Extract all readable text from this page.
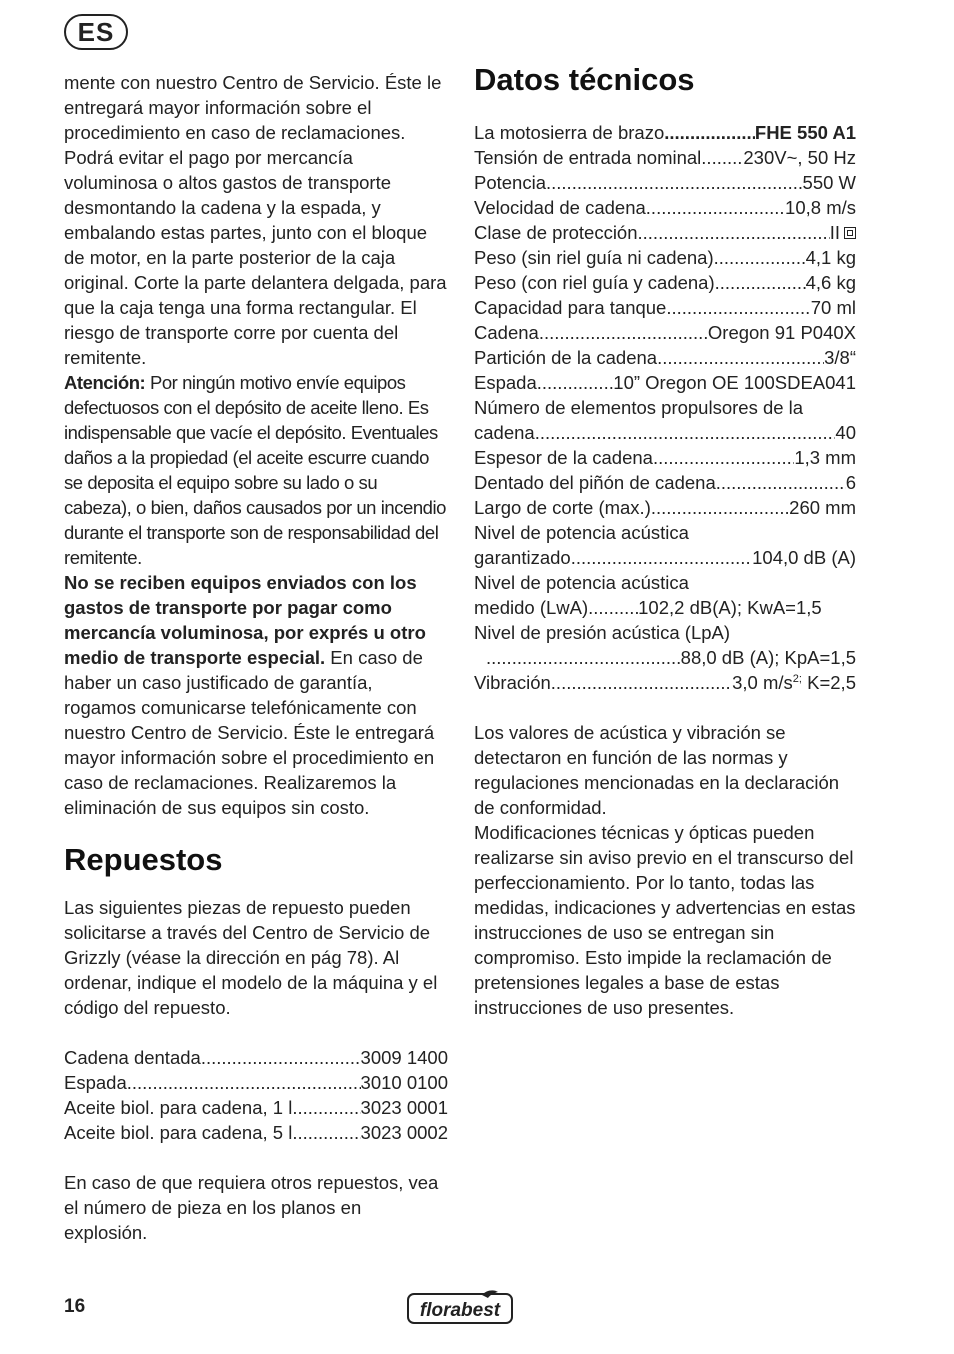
ES

mente con nuestro Centro de Servicio. Éste le entregará mayor información sobre el procedimiento en caso de reclamaciones. Podrá evitar el pago por mercancía voluminosa o altos gastos de transporte desmontando la cadena y la espada, y embalando estas partes, junto con el bloque de motor, en la parte posterior de la caja original. Corte la parte delantera delgada, para que la caja tenga una forma rectangular. El riesgo de transporte corre por cuenta del remitente.

Atención: Por ningún motivo envíe equipos defectuosos con el depósito de aceite lleno. Es indispensable que vacíe el depósito. Eventuales daños a la propiedad (el aceite escurre cuando se deposita el equipo sobre su lado o su cabeza), o bien, daños causados por un incendio durante el transporte son de responsabilidad del remitente.

No se reciben equipos enviados con los gastos de transporte por pagar como mercancía voluminosa, por exprés u otro medio de transporte especial. En caso de haber un caso justificado de garantía, rogamos comunicarse telefónicamente con nuestro Centro de Servicio. Éste le entregará mayor información sobre el procedimiento en caso de reclamaciones. Realizaremos la eliminación de sus equipos sin costo.

Repuestos

Las siguientes piezas de repuesto pueden solicitarse a través del Centro de Servicio de Grizzly (véase la dirección en pág 78). Al ordenar, indique el modelo de la máquina y el código del repuesto.

Cadena dentada .....	3009 1400
Espada .....	3010 0100
Aceite biol. para cadena, 1 l .....	3023 0001
Aceite biol. para cadena, 5 l .....	3023 0002

En caso de que requiera otros repuestos, vea el número de pieza en los planos en explosión.

Datos técnicos
La motosierra de brazo .....	FHE 550 A1
Tensión de entrada nominal ..... 230V~, 50 Hz
Potencia .....	550 W
Velocidad de cadena .....	10,8 m/s
Clase de protección .....	II
Peso (sin riel guía ni cadena) .....	4,1 kg
Peso (con riel guía y cadena) .....	4,6 kg
Capacidad para tanque .....	70 ml
Cadena .....	Oregon 91 P040X
Partición de la cadena .....	3/8“
Espada .....	10” Oregon OE 100SDEA041
Número de elementos propulsores de la
cadena .....	40
Espesor de la cadena .....	1,3 mm
Dentado del piñón de cadena .....	6
Largo de corte (max.) .....	260 mm
Nivel de potencia acústica
garantizado .....	104,0 dB (A)
Nivel de potencia acústica
medido (LwA) .....	102,2 dB(A); KwA=1,5
Nivel de presión acústica (LpA)
.....
88,0 dB (A); KpA=1,5
Vibración .....	3,0 $m/s^{2;}$ K=2,5

Los valores de acústica y vibración se detectaron en función de las normas y regulaciones mencionadas en la declaración de conformidad.

Modificaciones técnicas y ópticas pueden realizarse sin aviso previo en el transcurso del perfeccionamiento. Por lo tanto, todas las medidas, indicaciones y advertencias en estas instrucciones de uso se entregan sin compromiso. Esto impide la reclamación de pretensiones legales a base de estas instrucciones de uso presentes.

16	florabest
